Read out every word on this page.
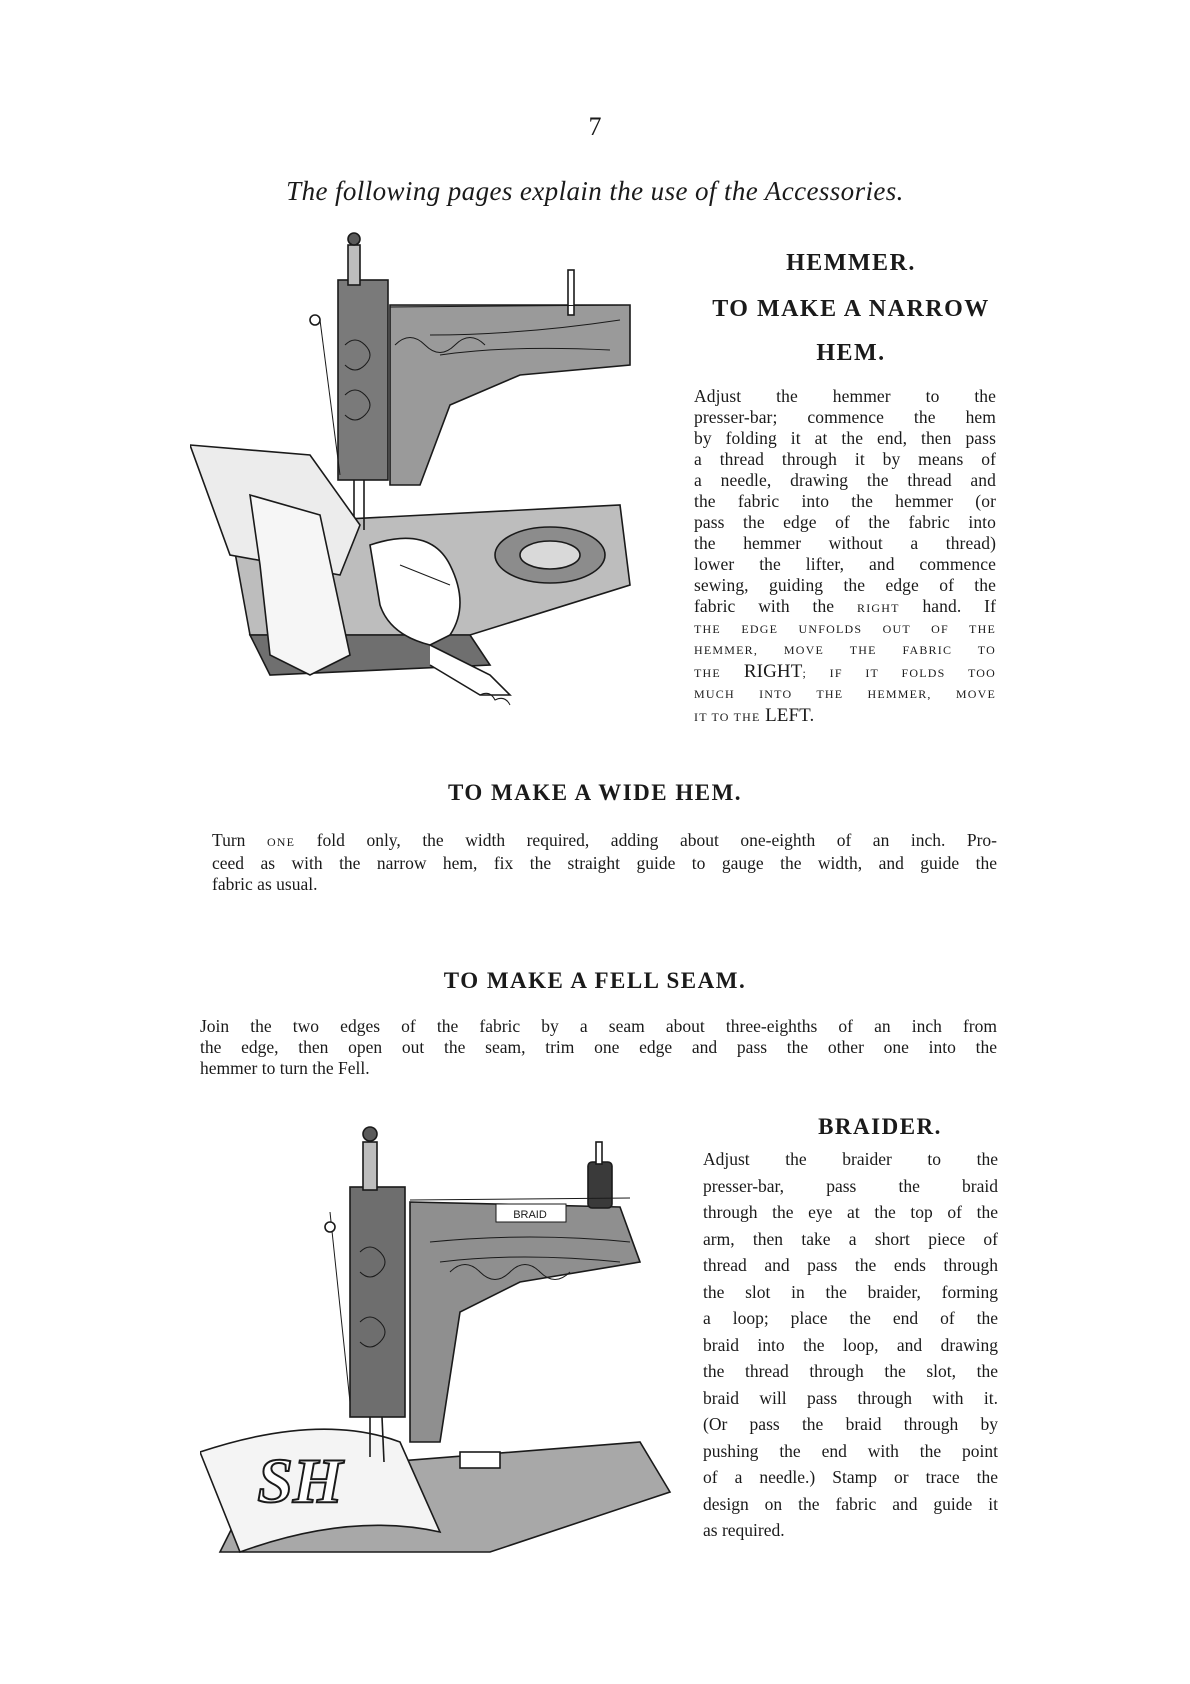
7
The following pages explain the use of the Accessories.
HEMMER.
TO MAKE A NARROW
HEM.
Adjust the hemmer to the
presser-bar; commence the hem
by folding it at the end, then pass
a thread through it by means of
a needle, drawing the thread and
the fabric into the hemmer (or
pass the edge of the fabric into
the hemmer without a thread)
lower the lifter, and commence
sewing, guiding the edge of the
fabric with the RIGHT hand. If
THE EDGE UNFOLDS OUT OF THE
HEMMER, MOVE THE FABRIC TO
THE RIGHT; IF IT FOLDS TOO
MUCH INTO THE HEMMER, MOVE
IT TO THE LEFT.
TO MAKE A WIDE HEM.
Turn ONE fold only, the width required, adding about one-eighth of an inch. Pro-
ceed as with the narrow hem, fix the straight guide to gauge the width, and guide the
fabric as usual.
TO MAKE A FELL SEAM.
Join the two edges of the fabric by a seam about three-eighths of an inch from
the edge, then open out the seam, trim one edge and pass the other one into the
hemmer to turn the Fell.
BRAID
SH
BRAIDER.
Adjust the braider to the
presser-bar, pass the braid
through the eye at the top of the
arm, then take a short piece of
thread and pass the ends through
the slot in the braider, forming
a loop; place the end of the
braid into the loop, and drawing
the thread through the slot, the
braid will pass through with it.
(Or pass the braid through by
pushing the end with the point
of a needle.) Stamp or trace the
design on the fabric and guide it
as required.
